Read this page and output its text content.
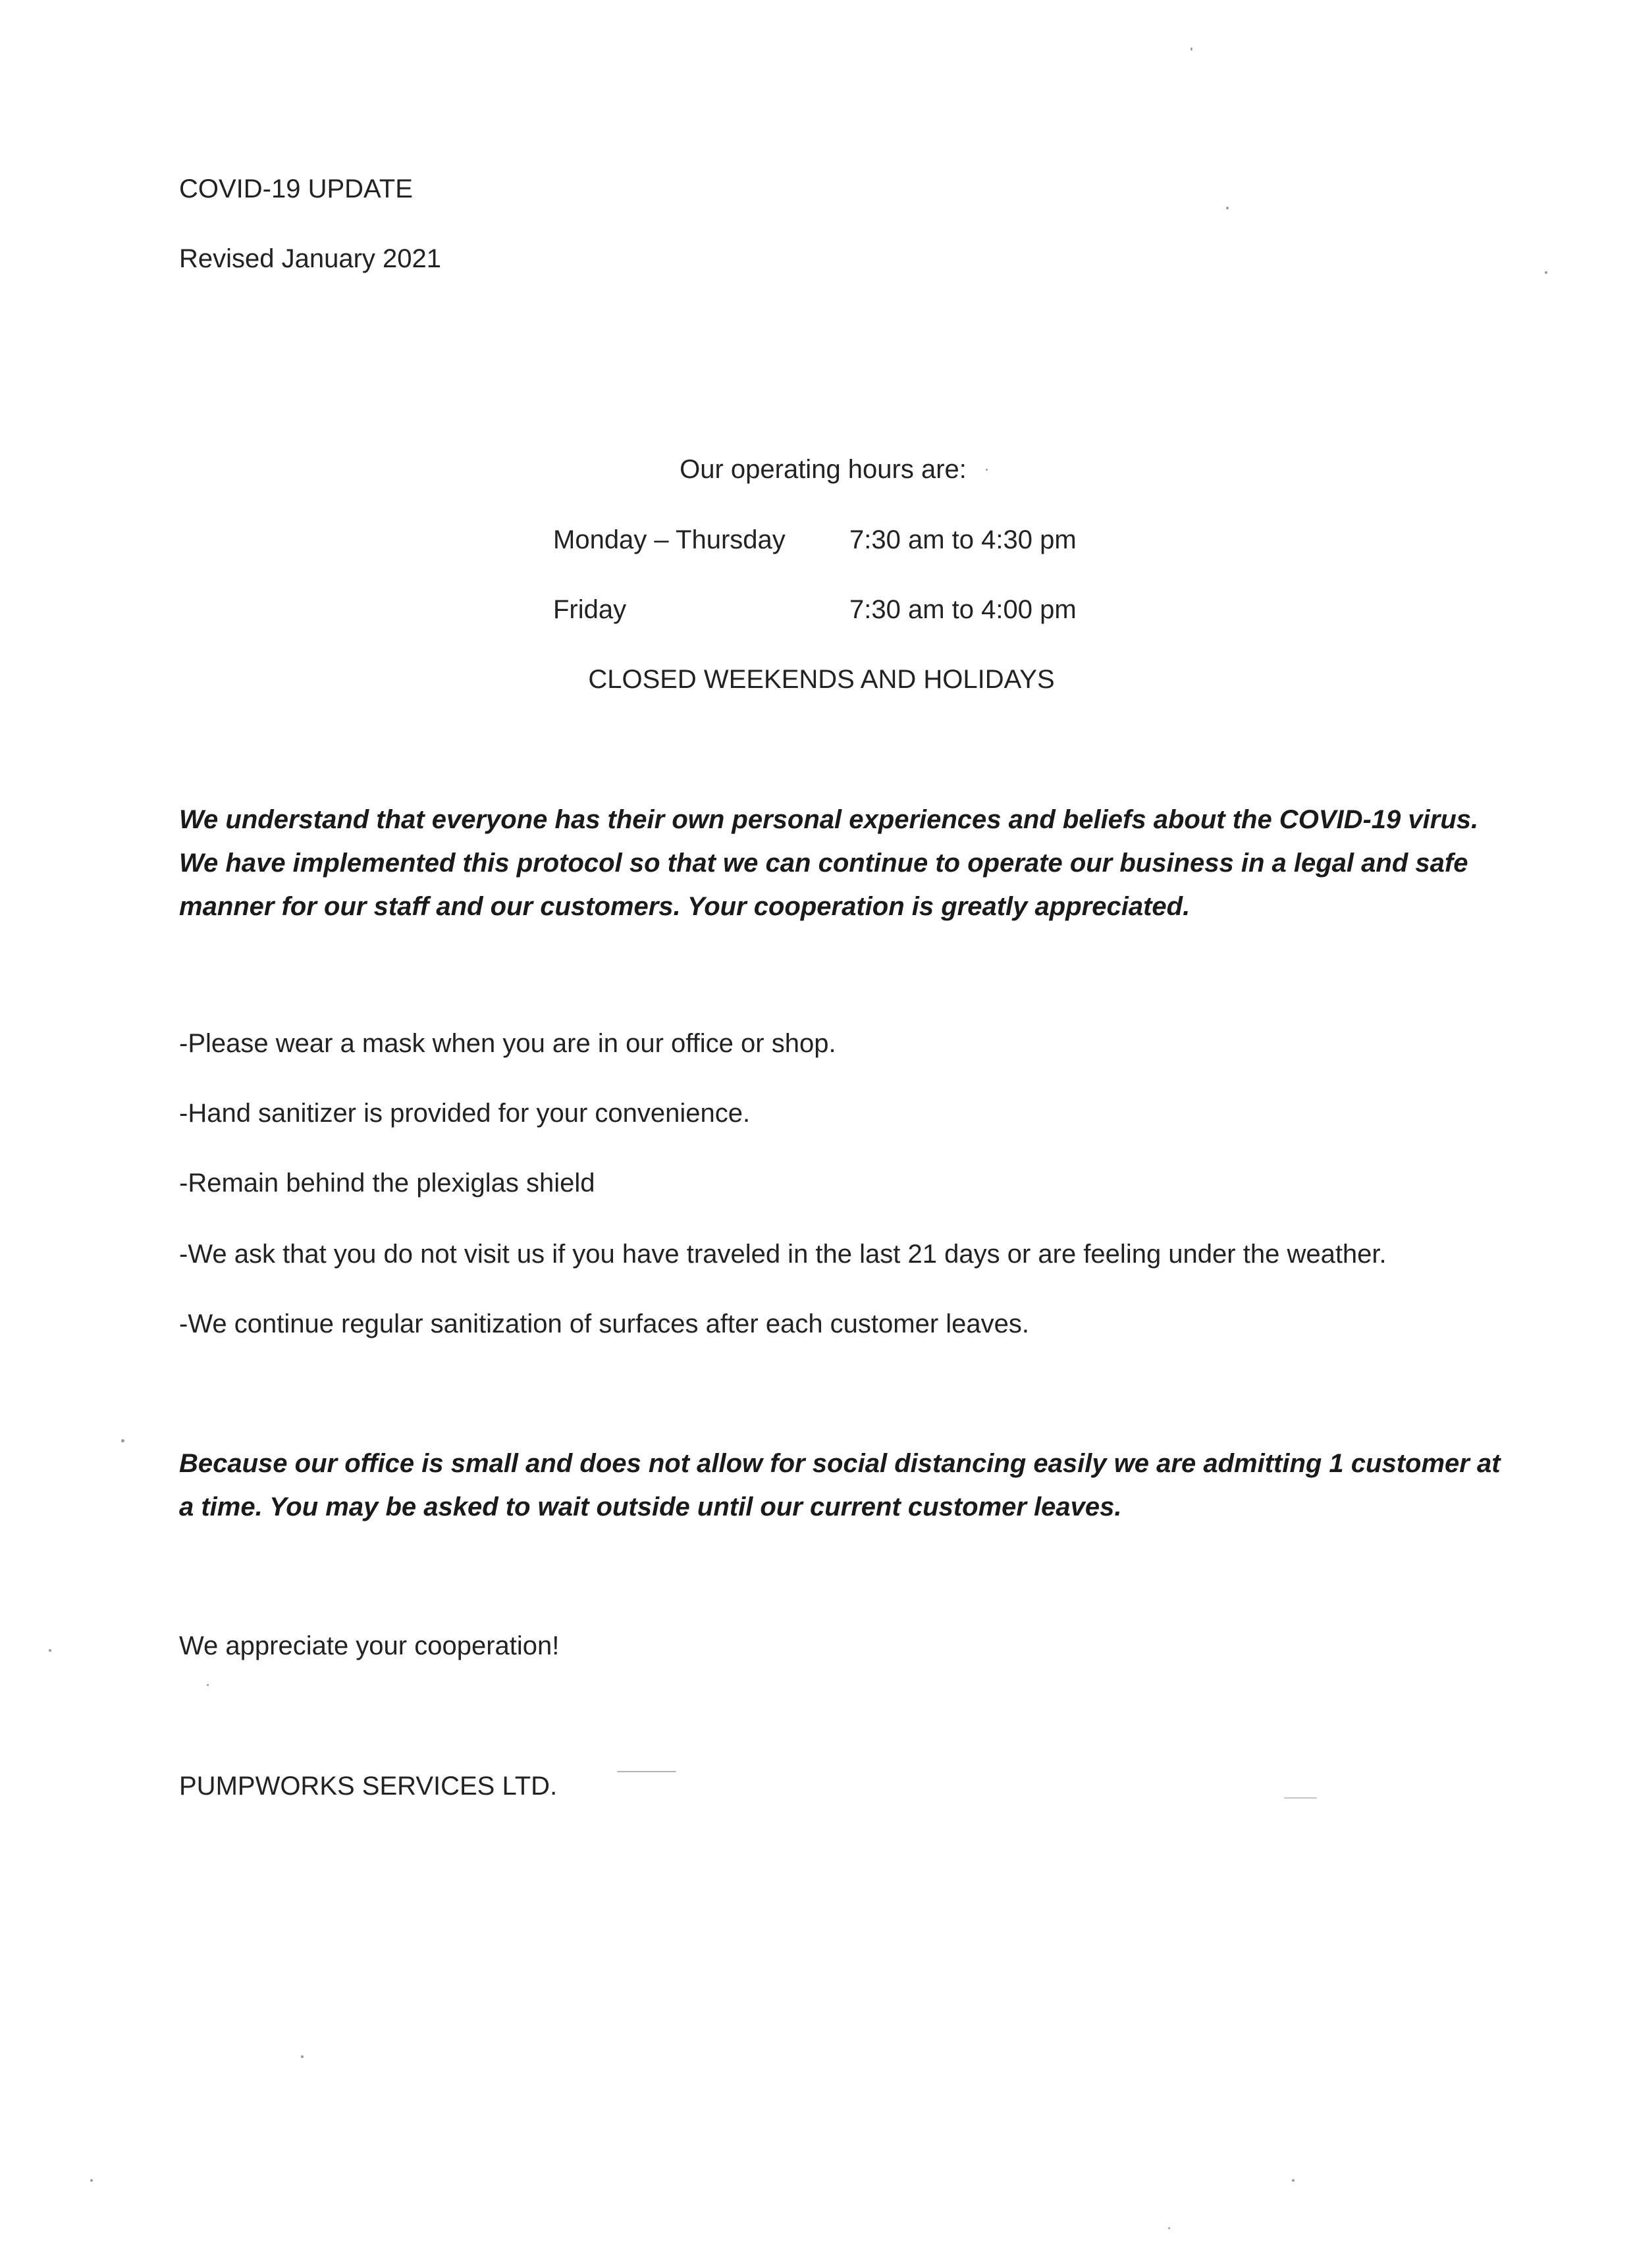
COVID-19 UPDATE
Revised January 2021
Our operating hours are:
Monday – Thursday 7:30 am to 4:30 pm
Friday	7:30 am to 4:00 pm
CLOSED WEEKENDS AND HOLIDAYS
We understand that everyone has their own personal experiences and beliefs about the COVID-19 virus. We have implemented this protocol so that we can continue to operate our business in a legal and safe manner for our staff and our customers. Your cooperation is greatly appreciated.
-Please wear a mask when you are in our office or shop.
-Hand sanitizer is provided for your convenience.
-Remain behind the plexiglas shield
-We ask that you do not visit us if you have traveled in the last 21 days or are feeling under the weather.
-We continue regular sanitization of surfaces after each customer leaves.
Because our office is small and does not allow for social distancing easily we are admitting 1 customer at a time. You may be asked to wait outside until our current customer leaves.
We appreciate your cooperation!
PUMPWORKS SERVICES LTD.
